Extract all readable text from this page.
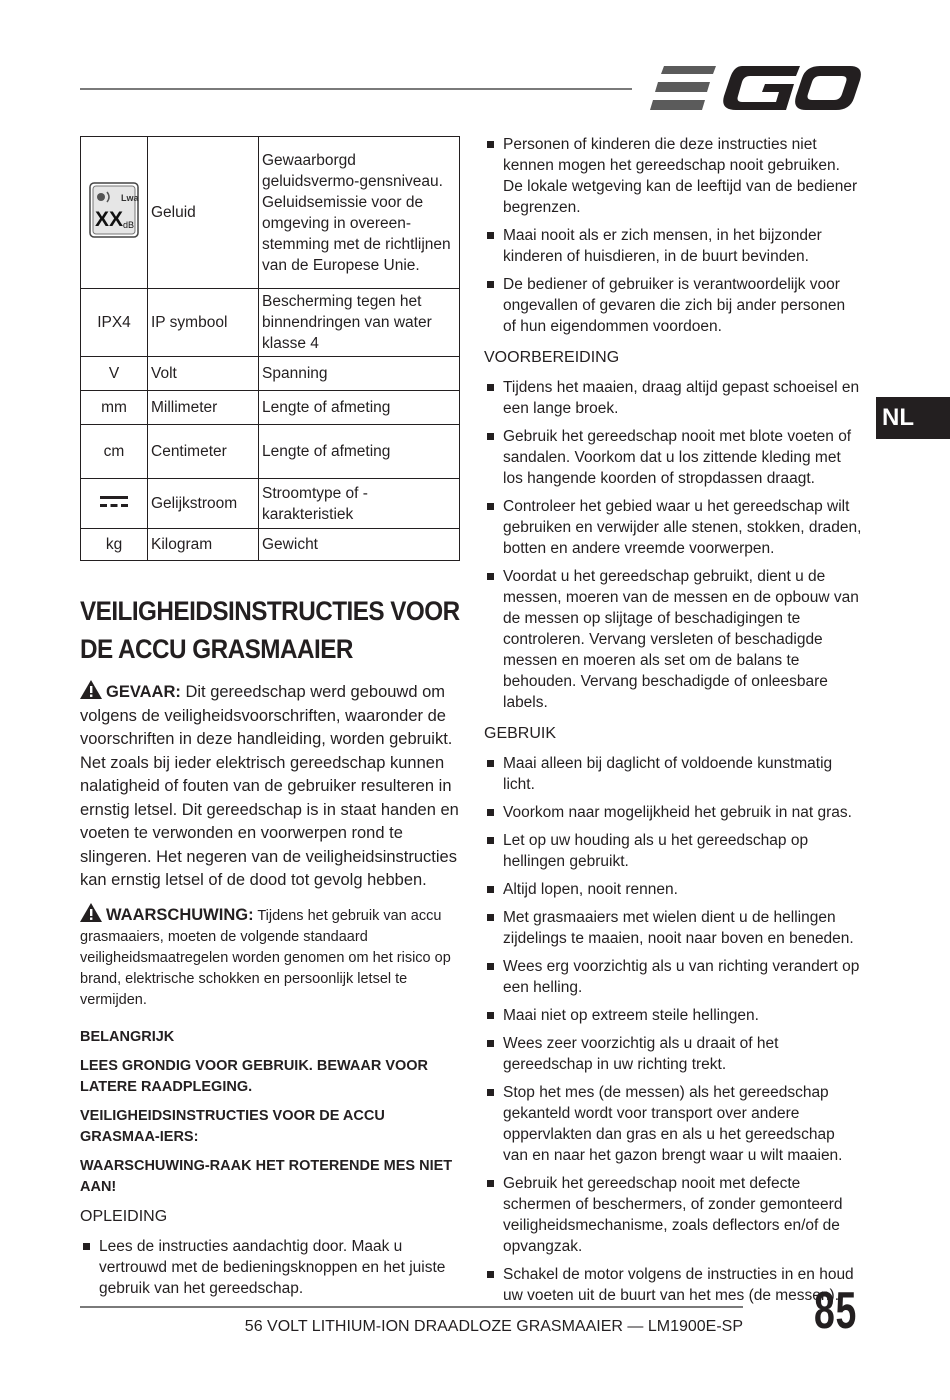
NL
Lwa
XX dB	Geluid	Gewaarborgd geluidsvermo-gensniveau. Geluidsemissie voor de omgeving in overeen-stemming met de richtlijnen van de Europese Unie.
IPX4	IP symbool	Bescherming tegen het binnendringen van water klasse 4
V	Volt	Spanning
mm	Millimeter	Lengte of afmeting
cm	Centimeter	Lengte of afmeting
	Gelijkstroom	Stroomtype of -karakteristiek
kg	Kilogram	Gewicht
VEILIGHEIDSINSTRUCTIES VOOR DE ACCU GRASMAAIER

GEVAAR: Dit gereedschap werd gebouwd om volgens de veiligheidsvoorschriften, waaronder de voorschriften in deze handleiding, worden gebruikt. Net zoals bij ieder elektrisch gereedschap kunnen nalatigheid of fouten van de gebruiker resulteren in ernstig letsel. Dit gereedschap is in staat handen en voeten te verwonden en voorwerpen rond te slingeren. Het negeren van de veiligheidsinstructies kan ernstig letsel of de dood tot gevolg hebben.

WAARSCHUWING: Tijdens het gebruik van accu grasmaaiers, moeten de volgende standaard veiligheidsmaatregelen worden genomen om het risico op brand, elektrische schokken en persoonlijk letsel te vermijden.

BELANGRIJK

LEES GRONDIG VOOR GEBRUIK. BEWAAR VOOR LATERE RAADPLEGING.

VEILIGHEIDSINSTRUCTIES VOOR DE ACCU GRASMAA-IERS:

WAARSCHUWING-RAAK HET ROTERENDE MES NIET AAN!

OPLEIDING

Lees de instructies aandachtig door. Maak u vertrouwd met de bedieningsknoppen en het juiste gebruik van het gereedschap.
Personen of kinderen die deze instructies niet kennen mogen het gereedschap nooit gebruiken. De lokale wetgeving kan de leeftijd van de bediener begrenzen.
Maai nooit als er zich mensen, in het bijzonder kinderen of huisdieren, in de buurt bevinden.
De bediener of gebruiker is verantwoordelijk voor ongevallen of gevaren die zich bij ander personen of hun eigendommen voordoen.

VOORBEREIDING

Tijdens het maaien, draag altijd gepast schoeisel en een lange broek.
Gebruik het gereedschap nooit met blote voeten of sandalen. Voorkom dat u los zittende kleding met los hangende koorden of stropdassen draagt.
Controleer het gebied waar u het gereedschap wilt gebruiken en verwijder alle stenen, stokken, draden, botten en andere vreemde voorwerpen.
Voordat u het gereedschap gebruikt, dient u de messen, moeren van de messen en de opbouw van de messen op slijtage of beschadigingen te controleren. Vervang versleten of beschadigde messen en moeren als set om de balans te behouden. Vervang beschadigde of onleesbare labels.

GEBRUIK

Maai alleen bij daglicht of voldoende kunstmatig licht.
Voorkom naar mogelijkheid het gebruik in nat gras.
Let op uw houding als u het gereedschap op hellingen gebruikt.
Altijd lopen, nooit rennen.
Met grasmaaiers met wielen dient u de hellingen zijdelings te maaien, nooit naar boven en beneden.
Wees erg voorzichtig als u van richting verandert op een helling.
Maai niet op extreem steile hellingen.
Wees zeer voorzichtig als u draait of het gereedschap in uw richting trekt.
Stop het mes (de messen) als het gereedschap gekanteld wordt voor transport over andere oppervlakten dan gras en als u het gereedschap van en naar het gazon brengt waar u wilt maaien.
Gebruik het gereedschap nooit met defecte schermen of beschermers, of zonder gemonteerd veiligheidsmechanisme, zoals deflectors en/of de opvangzak.
Schakel de motor volgens de instructies in en houd uw voeten uit de buurt van het mes (de messen).
56 VOLT LITHIUM-ION DRAADLOZE GRASMAAIER — LM1900E-SP 85
